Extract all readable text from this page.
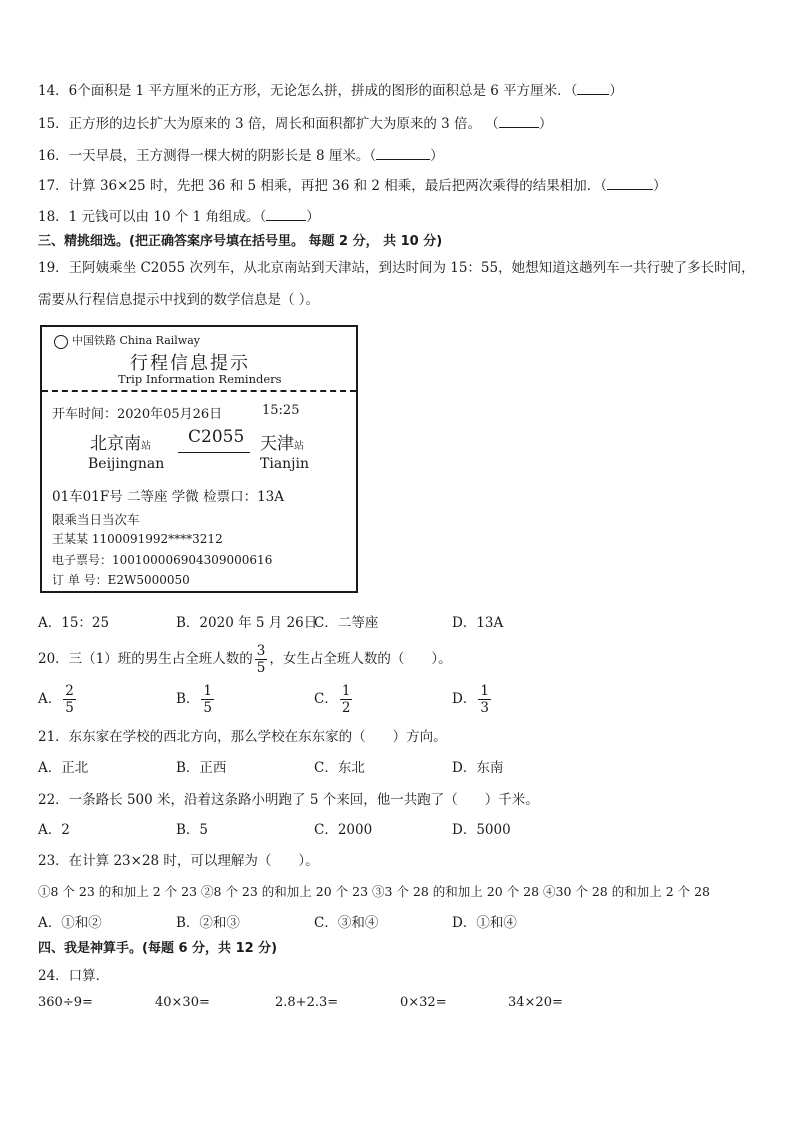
14．6个面积是 1 平方厘米的正方形，无论怎么拼，拼成的图形的面积总是 6 平方厘米．（ ）
15．正方形的边长扩大为原来的 3 倍，周长和面积都扩大为原来的 3 倍。 （	）
16．一天早晨，王方测得一棵大树的阴影长是 8 厘米。（	）
17．计算 36×25 时，先把 36 和 5 相乘，再把 36 和 2 相乘，最后把两次乘得的结果相加．（	）
18．1 元钱可以由 10 个 1 角组成。（	）
三、精挑细选。(把正确答案序号填在括号里。 每题 2 分， 共 10 分)
19．王阿姨乘坐 C2055 次列车，从北京南站到天津站，到达时间为 15：55，她想知道这趟列车一共行驶了多长时间，
需要从行程信息提示中找到的数学信息是（ ）。
中国铁路 China Railway
行程信息提示
Trip Information Reminders
开车时间：2020年05月26日	15:25
北京南站 C2055 天津站
Beijingnan	Tianjin
01车01F号 二等座 学微 检票口：13A
限乘当日当次车
王某某 1100091992****3212
电子票号：100100006904309000616
订 单 号：E2W5000050
A．15：25	B．2020 年 5 月 26日
C．二等座	D．13A
20．三（1）班的男生占全班人数的 $\frac{3}{5}$ ，女生占全班人数的（　　）。
A． $\frac{2}{5}$	B． $\frac{1}{5}$	C． $\frac{1}{2}$	D． $\frac{1}{3}$
21．东东家在学校的西北方向，那么学校在东东家的（　　）方向。
A．正北	B．正西	C．东北	D．东南
22．一条路长 500 米，沿着这条路小明跑了 5 个来回，他一共跑了（　　）千米。
A．2	B．5	C．2000	D．5000
23．在计算 23×28 时，可以理解为（　　）。
①8 个 23 的和加上 2 个 23 ②8 个 23 的和加上 20 个 23 ③3 个 28 的和加上 20 个 28 ④30 个 28 的和加上 2 个 28
A．①和②	B．②和③	C．③和④	D．①和④
四、我是神算手。(每题 6 分，共 12 分)
24．口算．
360÷9=	40×30=	2.8+2.3=	0×32=	34×20=
